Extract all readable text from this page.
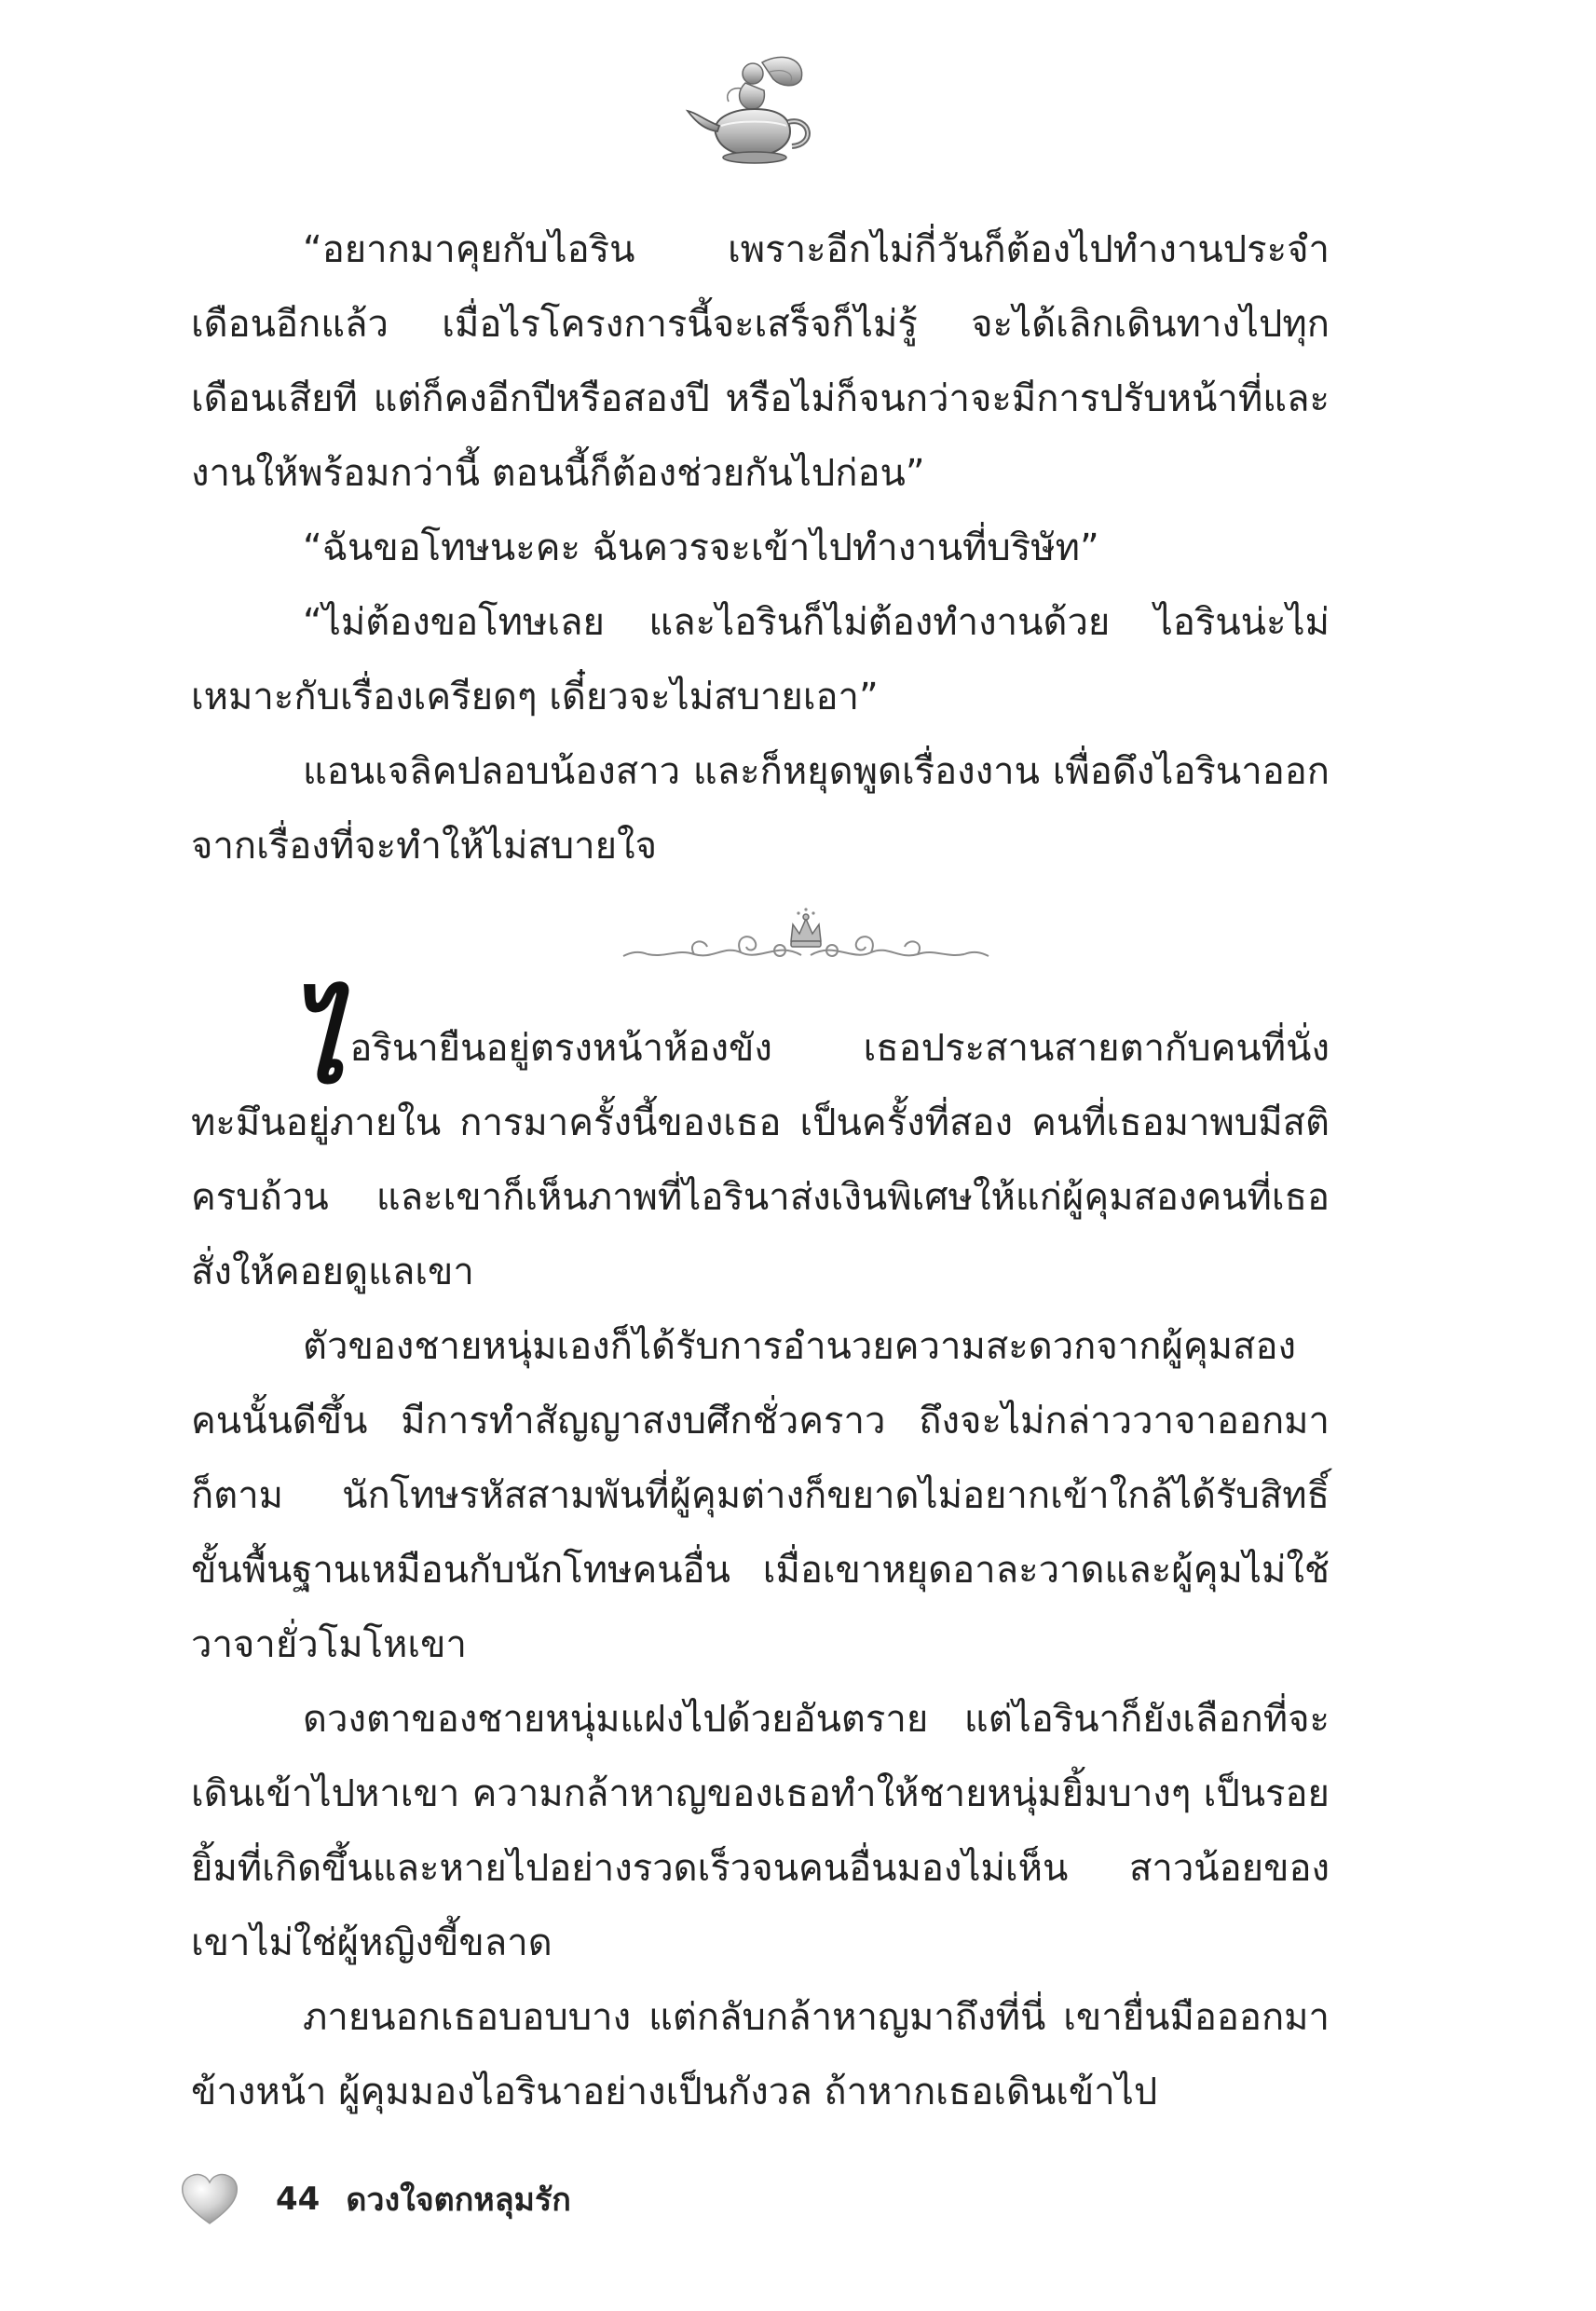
“อยากมาคุยกับไอริน เพราะอีกไม่กี่วันก็ต้องไปทำงานประจำเดือนอีกแล้ว เมื่อไรโครงการนี้จะเสร็จก็ไม่รู้ จะได้เลิกเดินทางไปทุกเดือนเสียที แต่ก็คงอีกปีหรือสองปี หรือไม่ก็จนกว่าจะมีการปรับหน้าที่และงานให้พร้อมกว่านี้ ตอนนี้ก็ต้องช่วยกันไปก่อน”

“ฉันขอโทษนะคะ ฉันควรจะเข้าไปทำงานที่บริษัท”

“ไม่ต้องขอโทษเลย และไอรินก็ไม่ต้องทำงานด้วย ไอรินน่ะไม่เหมาะกับเรื่องเครียดๆ เดี๋ยวจะไม่สบายเอา”

แอนเจลิคปลอบน้องสาว และก็หยุดพูดเรื่องงาน เพื่อดึงไอรินาออกจากเรื่องที่จะทำให้ไม่สบายใจ

ไ อรินายืนอยู่ตรงหน้าห้องขัง เธอประสานสายตากับคนที่นั่งทะมึนอยู่ภายใน การมาครั้งนี้ของเธอ เป็นครั้งที่สอง คนที่เธอมาพบมีสติครบถ้วน และเขาก็เห็นภาพที่ไอรินาส่งเงินพิเศษให้แก่ผู้คุมสองคนที่เธอสั่งให้คอยดูแลเขา

ตัวของชายหนุ่มเองก็ได้รับการอำนวยความสะดวกจากผู้คุมสองคนนั้นดีขึ้น มีการทำสัญญาสงบศึกชั่วคราว ถึงจะไม่กล่าววาจาออกมาก็ตาม นักโทษรหัสสามพันที่ผู้คุมต่างก็ขยาดไม่อยากเข้าใกล้ได้รับสิทธิ์ขั้นพื้นฐานเหมือนกับนักโทษคนอื่น เมื่อเขาหยุดอาละวาดและผู้คุมไม่ใช้วาจายั่วโมโหเขา

ดวงตาของชายหนุ่มแฝงไปด้วยอันตราย แต่ไอรินาก็ยังเลือกที่จะเดินเข้าไปหาเขา ความกล้าหาญของเธอทำให้ชายหนุ่มยิ้มบางๆ เป็นรอยยิ้มที่เกิดขึ้นและหายไปอย่างรวดเร็วจนคนอื่นมองไม่เห็น สาวน้อยของเขาไม่ใช่ผู้หญิงขี้ขลาด

ภายนอกเธอบอบบาง แต่กลับกล้าหาญมาถึงที่นี่ เขายื่นมือออกมาข้างหน้า ผู้คุมมองไอรินาอย่างเป็นกังวล ถ้าหากเธอเดินเข้าไป

44 ดวงใจตกหลุมรัก
